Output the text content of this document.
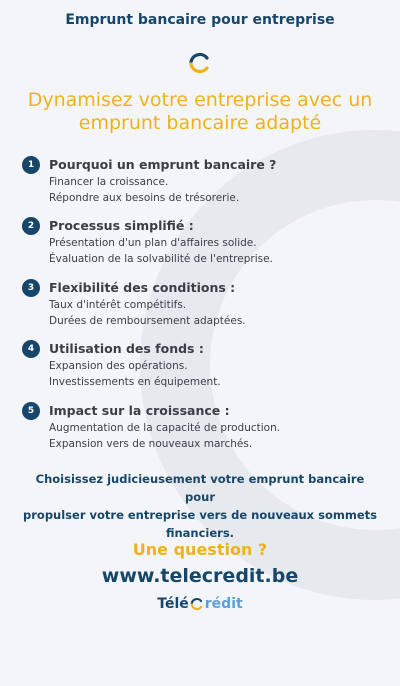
Emprunt bancaire pour entreprise
Dynamisez votre entreprise avec un emprunt bancaire adapté
1	Pourquoi un emprunt bancaire ?
Financer la croissance.
Répondre aux besoins de trésorerie.
2	Processus simplifié :
Présentation d'un plan d'affaires solide.
Évaluation de la solvabilité de l'entreprise.
3	Flexibilité des conditions :
Taux d'intérêt compétitifs.
Durées de remboursement adaptées.
4	Utilisation des fonds :
Expansion des opérations.
Investissements en équipement.
5	Impact sur la croissance :
Augmentation de la capacité de production.
Expansion vers de nouveaux marchés.
Choisissez judicieusement votre emprunt bancaire pour
propulser votre entreprise vers de nouveaux sommets
financiers.
Une question ?
www.telecredit.be
Télé rédit
